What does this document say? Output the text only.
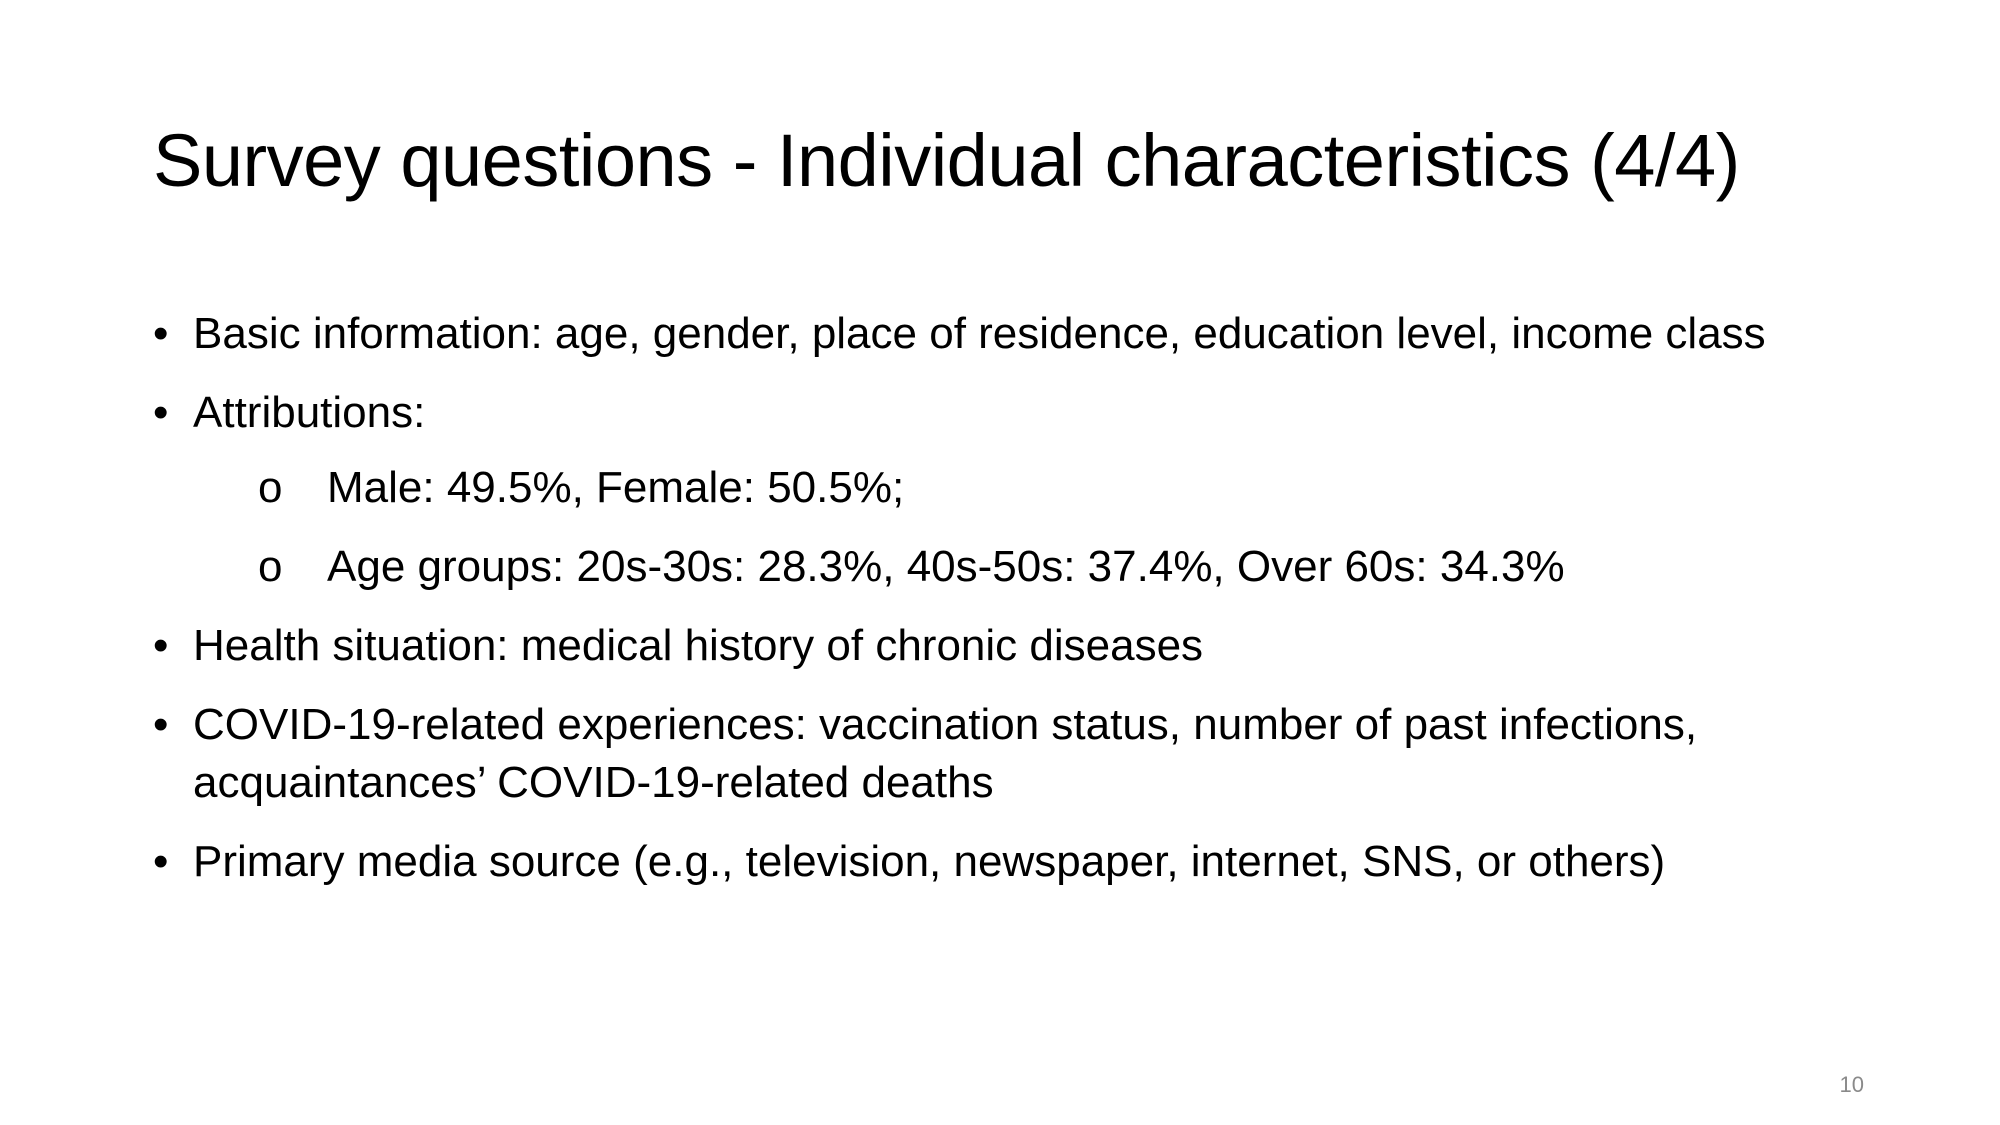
Survey questions - Individual characteristics (4/4)
• Basic information: age, gender, place of residence, education level, income class
• Attributions:
o	Male: 49.5%, Female: 50.5%;
o	Age groups: 20s-30s: 28.3%, 40s-50s: 37.4%, Over 60s: 34.3%
• Health situation: medical history of chronic diseases
• COVID-19-related experiences: vaccination status, number of past infections, acquaintances’ COVID-19-related deaths
• Primary media source (e.g., television, newspaper, internet, SNS, or others)
10
